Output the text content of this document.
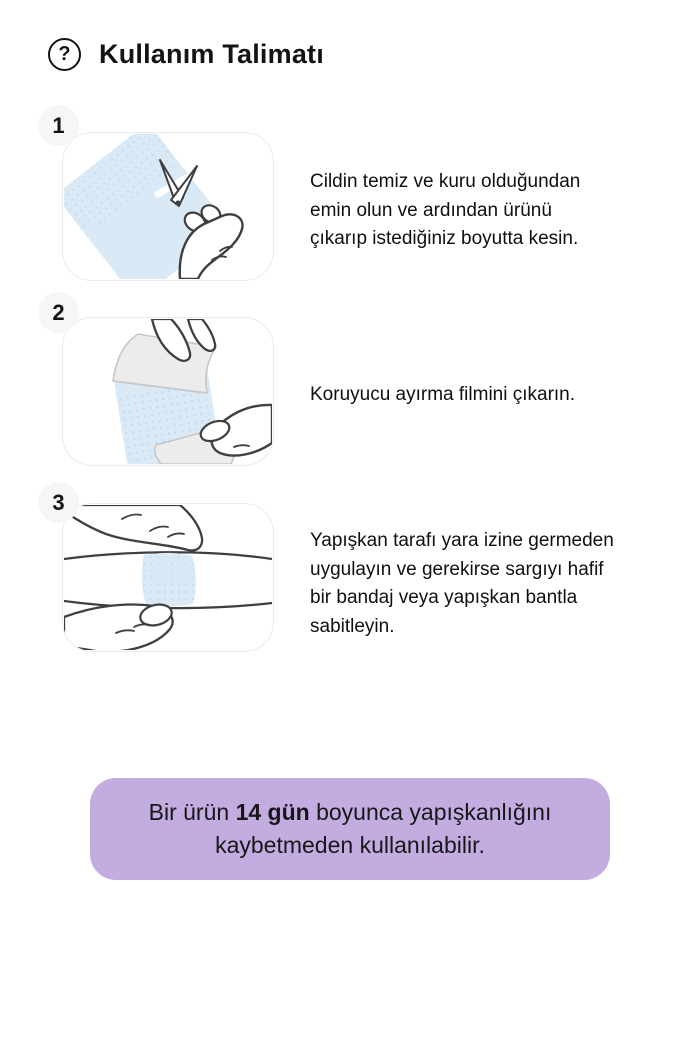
?	Kullanım Talimatı
1
Cildin temiz ve kuru olduğundan
emin olun ve ardından ürünü
çıkarıp istediğiniz boyutta kesin.
2
Koruyucu ayırma filmini çıkarın.
3
Yapışkan tarafı yara izine germeden
uygulayın ve gerekirse sargıyı hafif
bir bandaj veya yapışkan bantla
sabitleyin.
Bir ürün 14 gün boyunca yapışkanlığını
kaybetmeden kullanılabilir.
